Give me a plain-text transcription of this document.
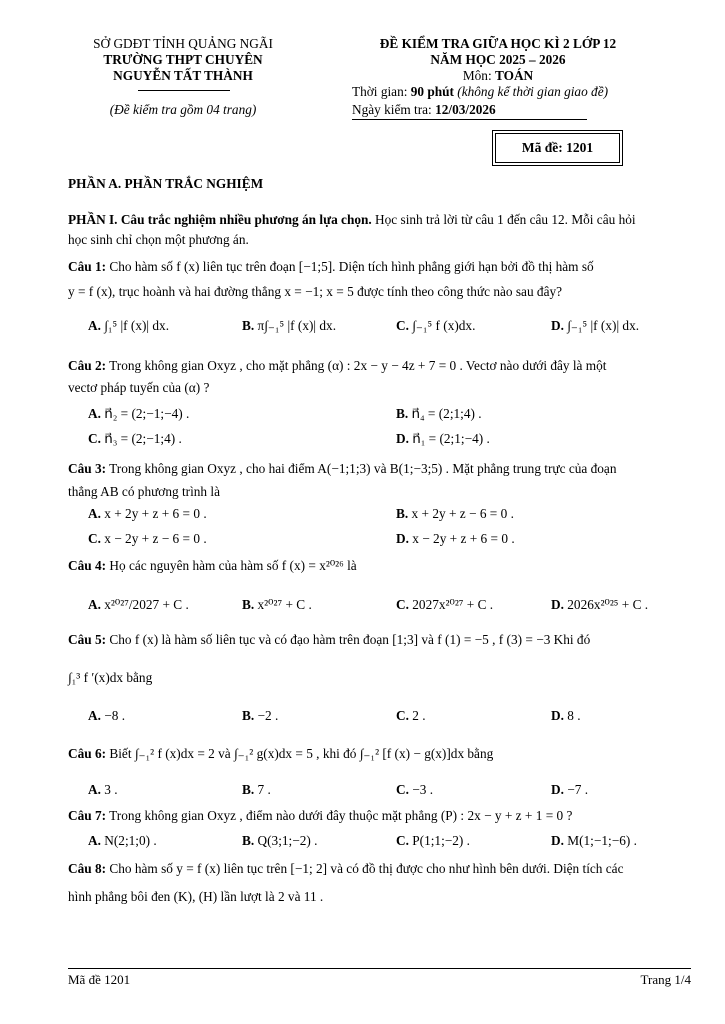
SỞ GDĐT TỈNH QUẢNG NGÃI
TRƯỜNG THPT CHUYÊN
NGUYỄN TẤT THÀNH
(Đề kiểm tra gồm 04 trang)
ĐỀ KIỂM TRA GIỮA HỌC KÌ 2 LỚP 12
NĂM HỌC 2025 – 2026
Môn: TOÁN
Thời gian: 90 phút (không kể thời gian giao đề)
Ngày kiểm tra: 12/03/2026
Mã đề: 1201
PHẦN A. PHẦN TRẮC NGHIỆM
PHẦN I. Câu trắc nghiệm nhiều phương án lựa chọn. Học sinh trả lời từ câu 1 đến câu 12. Mỗi câu hỏi
học sinh chỉ chọn một phương án.
Câu 1: Cho hàm số f (x) liên tục trên đoạn [−1;5]. Diện tích hình phẳng giới hạn bởi đồ thị hàm số
y = f (x), trục hoành và hai đường thẳng x = −1; x = 5 được tính theo công thức nào sau đây?
A. ∫₁⁵ |f (x)| dx.	B. π∫₋₁⁵ |f (x)| dx.	C. ∫₋₁⁵ f (x)dx.	D. ∫₋₁⁵ |f (x)| dx.
Câu 2: Trong không gian Oxyz , cho mặt phẳng (α) : 2x − y − 4z + 7 = 0 . Vectơ nào dưới đây là một
vectơ pháp tuyến của (α) ?
A. n⃗₂ = (2;−1;−4) .	B. n⃗₄ = (2;1;4) .
C. n⃗₃ = (2;−1;4) .	D. n⃗₁ = (2;1;−4) .
Câu 3: Trong không gian Oxyz , cho hai điểm A(−1;1;3) và B(1;−3;5) . Mặt phẳng trung trực của đoạn
thẳng AB có phương trình là
A. x + 2y + z + 6 = 0 .	B. x + 2y + z − 6 = 0 .
C. x − 2y + z − 6 = 0 .	D. x − 2y + z + 6 = 0 .
Câu 4: Họ các nguyên hàm của hàm số f (x) = x²⁰²⁶ là
A. x²⁰²⁷/2027 + C .	B. x²⁰²⁷ + C .	C. 2027x²⁰²⁷ + C .	D. 2026x²⁰²⁵ + C .
Câu 5: Cho f (x) là hàm số liên tục và có đạo hàm trên đoạn [1;3] và f (1) = −5 , f (3) = −3 Khi đó
∫₁³ f ′(x)dx bằng
A. −8 .	B. −2 .	C. 2 .	D. 8 .
Câu 6: Biết ∫₋₁² f (x)dx = 2 và ∫₋₁² g(x)dx = 5 , khi đó ∫₋₁² [f (x) − g(x)]dx bằng
A. 3 .	B. 7 .	C. −3 .	D. −7 .
Câu 7: Trong không gian Oxyz , điểm nào dưới đây thuộc mặt phẳng (P) : 2x − y + z + 1 = 0 ?
A. N(2;1;0) .	B. Q(3;1;−2) .	C. P(1;1;−2) .	D. M(1;−1;−6) .
Câu 8: Cho hàm số y = f (x) liên tục trên [−1; 2] và có đồ thị được cho như hình bên dưới. Diện tích các
hình phẳng bôi đen (K), (H) lần lượt là 2 và 11 .
Mã đề 1201	Trang 1/4
